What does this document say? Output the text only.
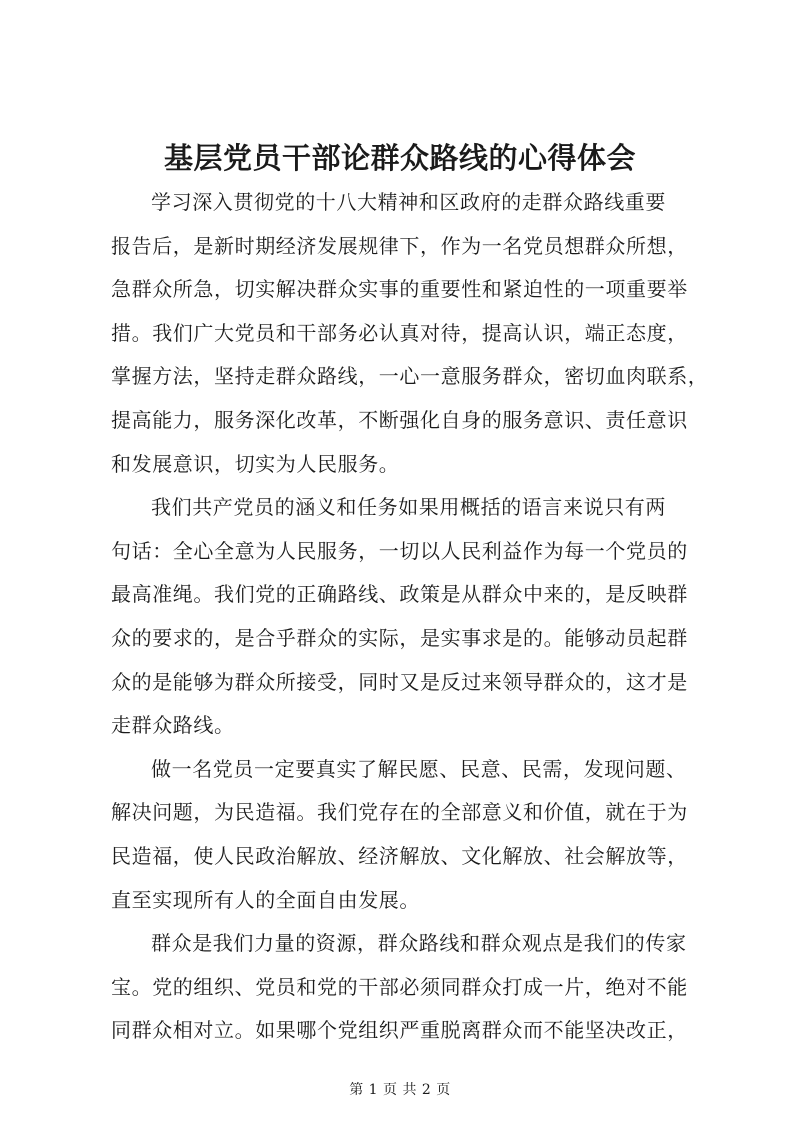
基层党员干部论群众路线的心得体会
学习深入贯彻党的十八大精神和区政府的走群众路线重要
报告后，是新时期经济发展规律下，作为一名党员想群众所想，
急群众所急，切实解决群众实事的重要性和紧迫性的一项重要举
措。我们广大党员和干部务必认真对待，提高认识，端正态度，
掌握方法，坚持走群众路线，一心一意服务群众，密切血肉联系，
提高能力，服务深化改革，不断强化自身的服务意识、责任意识
和发展意识，切实为人民服务。
我们共产党员的涵义和任务如果用概括的语言来说只有两
句话：全心全意为人民服务，一切以人民利益作为每一个党员的
最高准绳。我们党的正确路线、政策是从群众中来的，是反映群
众的要求的，是合乎群众的实际，是实事求是的。能够动员起群
众的是能够为群众所接受，同时又是反过来领导群众的，这才是
走群众路线。
做一名党员一定要真实了解民愿、民意、民需，发现问题、
解决问题，为民造福。我们党存在的全部意义和价值，就在于为
民造福，使人民政治解放、经济解放、文化解放、社会解放等，
直至实现所有人的全面自由发展。
群众是我们力量的资源，群众路线和群众观点是我们的传家
宝。党的组织、党员和党的干部必须同群众打成一片，绝对不能
同群众相对立。如果哪个党组织严重脱离群众而不能坚决改正，
第 1 页 共 2 页
